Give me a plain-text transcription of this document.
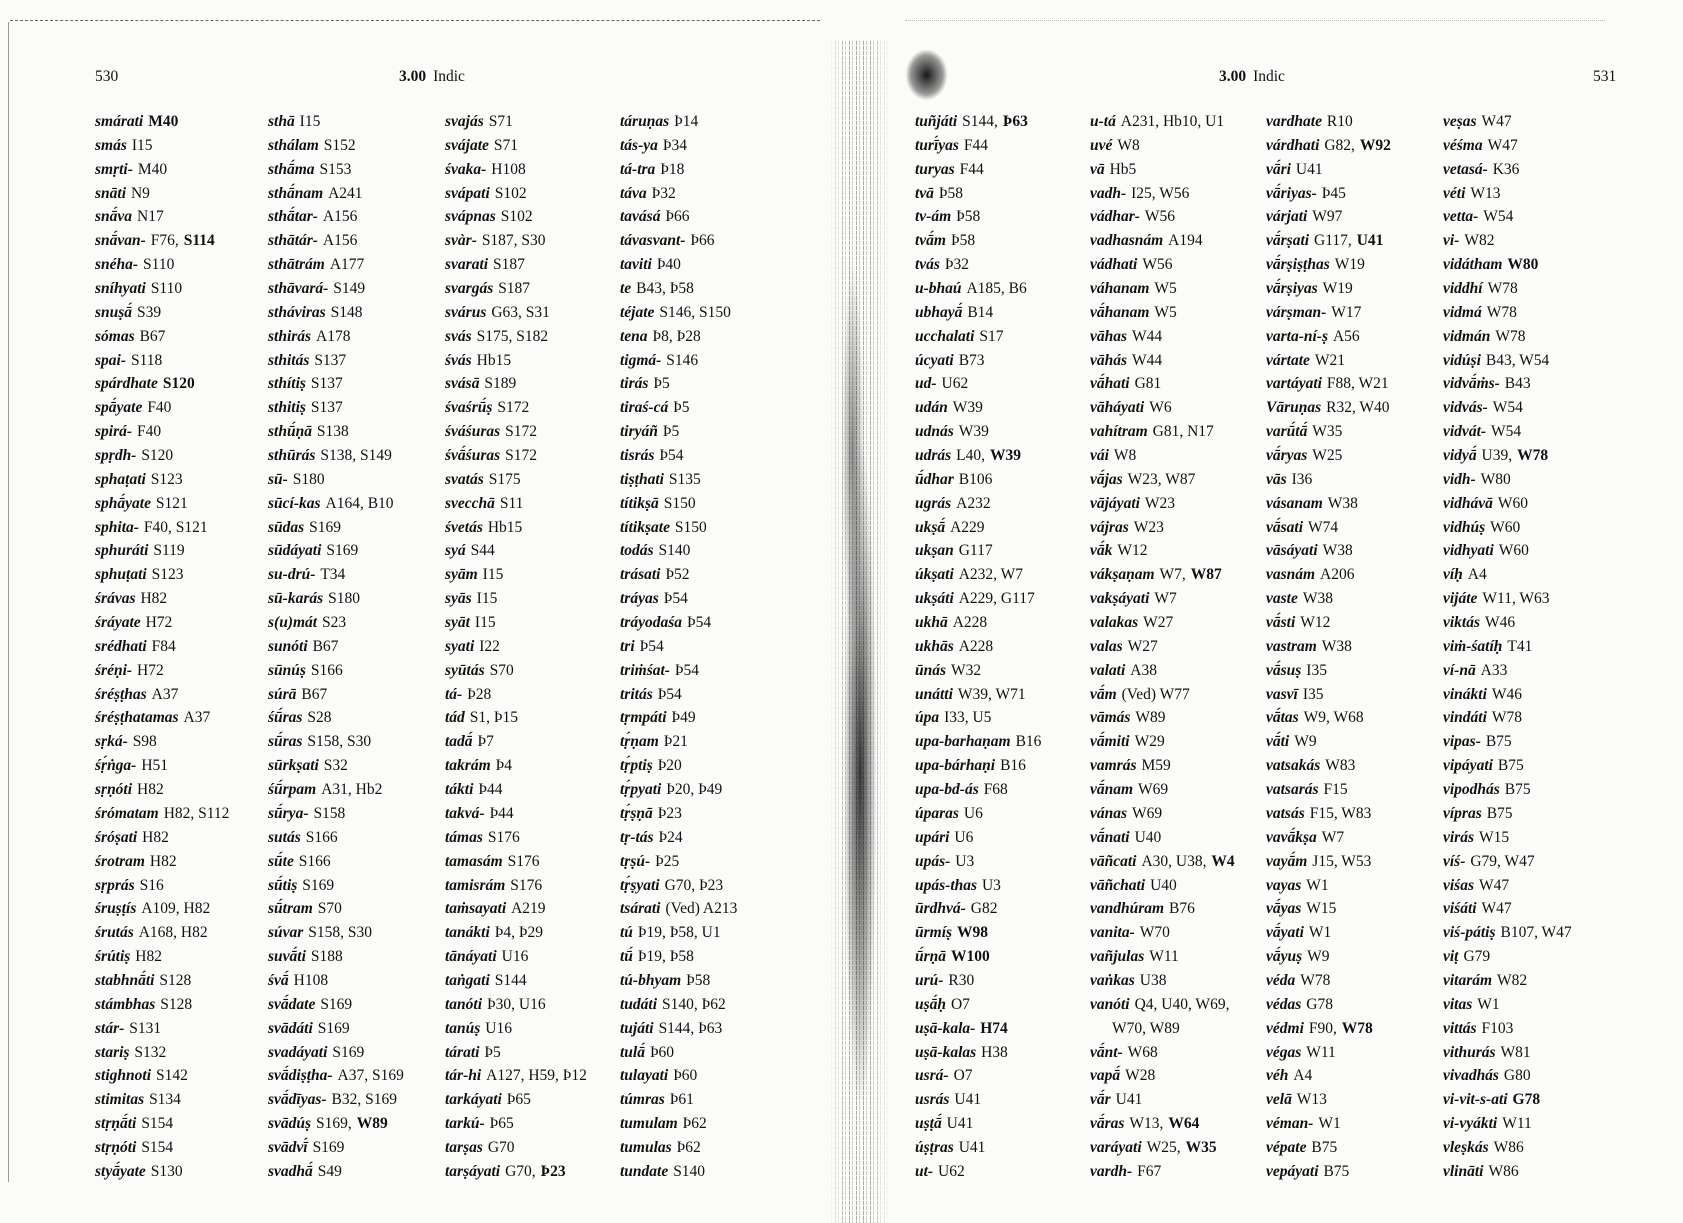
530	3.00 Indic
smárati M40
smás I15
smṛti- M40
snāti N9
snā́va N17
snā́van- F76, S114
snéha- S110
sníhyati S110
snuṣā́ S39
sómas B67
spai- S118
spárdhate S120
spā́yate F40
spirá- F40
spṛdh- S120
sphaṭati S123
sphā́yate S121
sphita- F40, S121
sphuráti S119
sphuṭati S123
śrávas H82
śráyate H72
srédhati F84
śréṇi- H72
śréṣṭhas A37
śréṣṭhatamas A37
sṛká- S98
śṛ́ṅga- H51
sṛṇóti H82
śrómatam H82, S112
śróṣati H82
śrotram H82
sṛprás S16
śruṣṭís A109, H82
śrutás A168, H82
śrútiṣ H82
stabhnā́ti S128
stámbhas S128
stár- S131
stariṣ S132
stighnoti S142
stimitas S134
stṛṇā́ti S154
stṛṇóti S154
styā́yate S130
sthā I15
sthálam S152
sthā́ma S153
sthā́nam A241
sthā́tar- A156
sthātár- A156
sthātrám A177
sthāvará- S149
stháviras S148
sthirás A178
sthitás S137
sthítiṣ S137
sthitiṣ S137
sthū́ṇā S138
sthūrás S138, S149
sū- S180
sūcí-kas A164, B10
sūdas S169
sūdáyati S169
su-drú- T34
sū-karás S180
s(u)mát S23
sunóti B67
sūnúṣ S166
súrā B67
śū́ras S28
sū́ras S158, S30
sūrkṣati S32
śū́rpam A31, Hb2
sū́rya- S158
sutás S166
sū́te S166
sū́tiṣ S169
sū́tram S70
súvar S158, S30
suvā́ti S188
śvā́ H108
svā́date S169
svādáti S169
svadáyati S169
svā́diṣṭha- A37, S169
svā́dīyas- B32, S169
svādúṣ S169, W89
svādvī́ S169
svadhā́ S49
svajás S71
svájate S71
śvaka- H108
svápati S102
svápnas S102
svàr- S187, S30
svarati S187
svargás S187
svárus G63, S31
svás S175, S182
śvás Hb15
svásā S189
śvaśrū́ṣ S172
śváśuras S172
śvā́śuras S172
svatás S175
svecchā S11
śvetás Hb15
syá S44
syām I15
syās I15
syāt I15
syati I22
syūtás S70
tá- Þ28
tád S1, Þ15
tadā́ Þ7
takrám Þ4
tákti Þ44
takvá- Þ44
támas S176
tamasám S176
tamisrám S176
taṁsayati A219
tanákti Þ4, Þ29
tānáyati U16
taṅgati S144
tanóti Þ30, U16
tanúṣ U16
tárati Þ5
tár-hi A127, H59, Þ12
tarkáyati Þ65
tarkú- Þ65
tarṣas G70
tarṣáyati G70, Þ23
táruṇas Þ14
tás-ya Þ34
tá-tra Þ18
táva Þ32
tavásá Þ66
távasvant- Þ66
taviti Þ40
te B43, Þ58
téjate S146, S150
tena Þ8, Þ28
tigmá- S146
tirás Þ5
tiraś-cá Þ5
tiryáñ Þ5
tisrás Þ54
tiṣṭhati S135
títikṣā S150
títikṣate S150
todás S140
trásati Þ52
tráyas Þ54
tráyodaśa Þ54
tri Þ54
triṁśat- Þ54
tritás Þ54
tṛmpáti Þ49
tṛ́ṇam Þ21
tṛ́ptiṣ Þ20
tṛ́pyati Þ20, Þ49
tṛ́ṣṇā Þ23
tṛ-tás Þ24
tṛṣú- Þ25
tṛ́ṣyati G70, Þ23
tsárati (Ved) A213
tú Þ19, Þ58, U1
tū́ Þ19, Þ58
tú-bhyam Þ58
tudáti S140, Þ62
tujáti S144, Þ63
tulā́ Þ60
tulayati Þ60
túmras Þ61
tumulam Þ62
tumulas Þ62
tundate S140
3.00 Indic	531
tuñjáti S144, Þ63
turī́yas F44
turyas F44
tvā Þ58
tv-ám Þ58
tvā́m Þ58
tvás Þ32
u-bhaú A185, B6
ubhayā́ B14
ucchalati S17
úcyati B73
ud- U62
udán W39
udnás W39
udrás L40, W39
ū́dhar B106
ugrás A232
ukṣā́ A229
ukṣan G117
úkṣati A232, W7
ukṣáti A229, G117
ukhā A228
ukhās A228
ūnás W32
unátti W39, W71
úpa I33, U5
upa-barhaṇam B16
upa-bárhaṇi B16
upa-bd-ás F68
úparas U6
upári U6
upás- U3
upás-thas U3
ūrdhvá- G82
ūrmíṣ W98
ū́rṇā W100
urú- R30
uṣā́ḥ O7
uṣā-kala- H74
uṣā-kalas H38
usrá- O7
usrás U41
uṣṭā́ U41
úṣṭras U41
ut- U62
u-tá A231, Hb10, U1
uvé W8
vā Hb5
vadh- I25, W56
vádhar- W56
vadhasnám A194
vádhati W56
váhanam W5
vā́hanam W5
vāhas W44
vāhás W44
vā́hati G81
vāháyati W6
vahítram G81, N17
vái W8
vā́jas W23, W87
vājáyati W23
vájras W23
vā́k W12
vákṣaṇam W7, W87
vakṣáyati W7
valakas W27
valas W27
valati A38
vā́m (Ved) W77
vāmás W89
vā́miti W29
vamrás M59
vā́nam W69
vánas W69
vā́nati U40
vāñcati A30, U38, W4
vāñchati U40
vandhúram B76
vanita- W70
vañjulas W11
vaṅkas U38
vanóti Q4, U40, W69,
W70, W89
vā́nt- W68
vapā́ W28
vā́r U41
vā́ras W13, W64
varáyati W25, W35
vardh- F67
vardhate R10
várdhati G82, W92
vā́ri U41
vā́riyas- Þ45
várjati W97
vā́rṣati G117, U41
vā́rṣiṣṭhas W19
vā́rṣiyas W19
várṣman- W17
varta-ní-ṣ A56
vártate W21
vartáyati F88, W21
Vāruṇas R32, W40
varū́tā́ W35
vā́ryas W25
vās I36
vásanam W38
vā́sati W74
vāsáyati W38
vasnám A206
vaste W38
vā́sti W12
vastram W38
vā́suṣ I35
vasvī I35
vā́tas W9, W68
vā́ti W9
vatsakás W83
vatsarás F15
vatsás F15, W83
vavā́kṣa W7
vayā́m J15, W53
vayas W1
vā́yas W15
vā́yati W1
vā́yuṣ W9
véda W78
védas G78
védmi F90, W78
végas W11
véh A4
velā W13
véman- W1
vépate B75
vepáyati B75
veṣas W47
véśma W47
vetasá- K36
véti W13
vetta- W54
vi- W82
vidátham W80
viddhí W78
vidmá W78
vidmán W78
vidúṣi B43, W54
vidvā́ṁs- B43
vidvás- W54
vidvát- W54
vidyā́ U39, W78
vidh- W80
vidhávā W60
vidhúṣ W60
vidhyati W60
víḥ A4
vijáte W11, W63
viktás W46
viṁ-śatíḥ T41
ví-nā A33
vinákti W46
vindáti W78
vipas- B75
vipáyati B75
vipodhás B75
vípras B75
virás W15
víś- G79, W47
viśas W47
viśáti W47
viś-pátiṣ B107, W47
viṭ G79
vitarám W82
vitas W1
vittás F103
vithurás W81
vivadhás G80
vi-vit-s-ati G78
vi-vyákti W11
vleṣkás W86
vlināti W86
